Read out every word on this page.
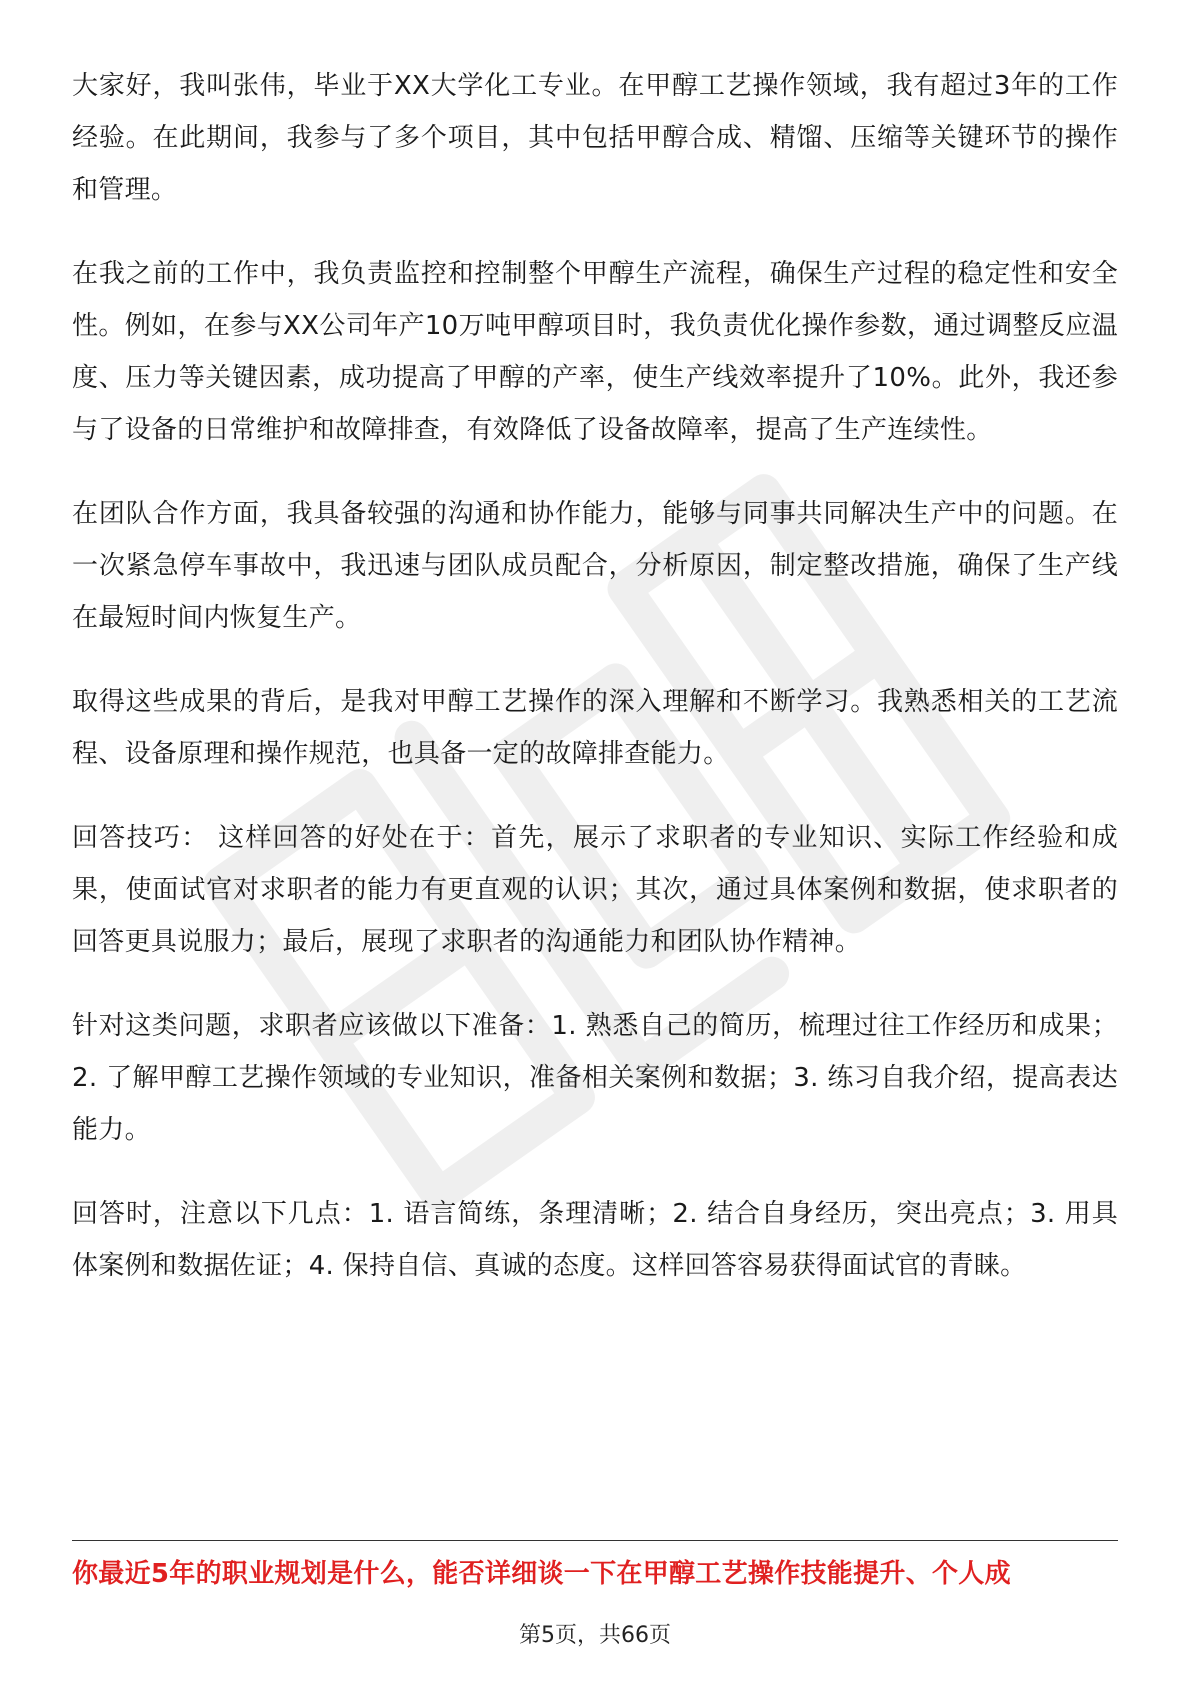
大家好，我叫张伟，毕业于XX大学化工专业。在甲醇工艺操作领域，我有超过3年的工作经验。在此期间，我参与了多个项目，其中包括甲醇合成、精馏、压缩等关键环节的操作和管理。

在我之前的工作中，我负责监控和控制整个甲醇生产流程，确保生产过程的稳定性和安全性。例如，在参与XX公司年产10万吨甲醇项目时，我负责优化操作参数，通过调整反应温度、压力等关键因素，成功提高了甲醇的产率，使生产线效率提升了10%。此外，我还参与了设备的日常维护和故障排查，有效降低了设备故障率，提高了生产连续性。

在团队合作方面，我具备较强的沟通和协作能力，能够与同事共同解决生产中的问题。在一次紧急停车事故中，我迅速与团队成员配合，分析原因，制定整改措施，确保了生产线在最短时间内恢复生产。

取得这些成果的背后，是我对甲醇工艺操作的深入理解和不断学习。我熟悉相关的工艺流程、设备原理和操作规范，也具备一定的故障排查能力。

回答技巧： 这样回答的好处在于：首先，展示了求职者的专业知识、实际工作经验和成果，使面试官对求职者的能力有更直观的认识；其次，通过具体案例和数据，使求职者的回答更具说服力；最后，展现了求职者的沟通能力和团队协作精神。

针对这类问题，求职者应该做以下准备：1. 熟悉自己的简历，梳理过往工作经历和成果；2. 了解甲醇工艺操作领域的专业知识，准备相关案例和数据；3. 练习自我介绍，提高表达能力。

回答时，注意以下几点：1. 语言简练，条理清晰；2. 结合自身经历，突出亮点；3. 用具体案例和数据佐证；4. 保持自信、真诚的态度。这样回答容易获得面试官的青睐。

你最近5年的职业规划是什么，能否详细谈一下在甲醇工艺操作技能提升、个人成
第5页，共66页
